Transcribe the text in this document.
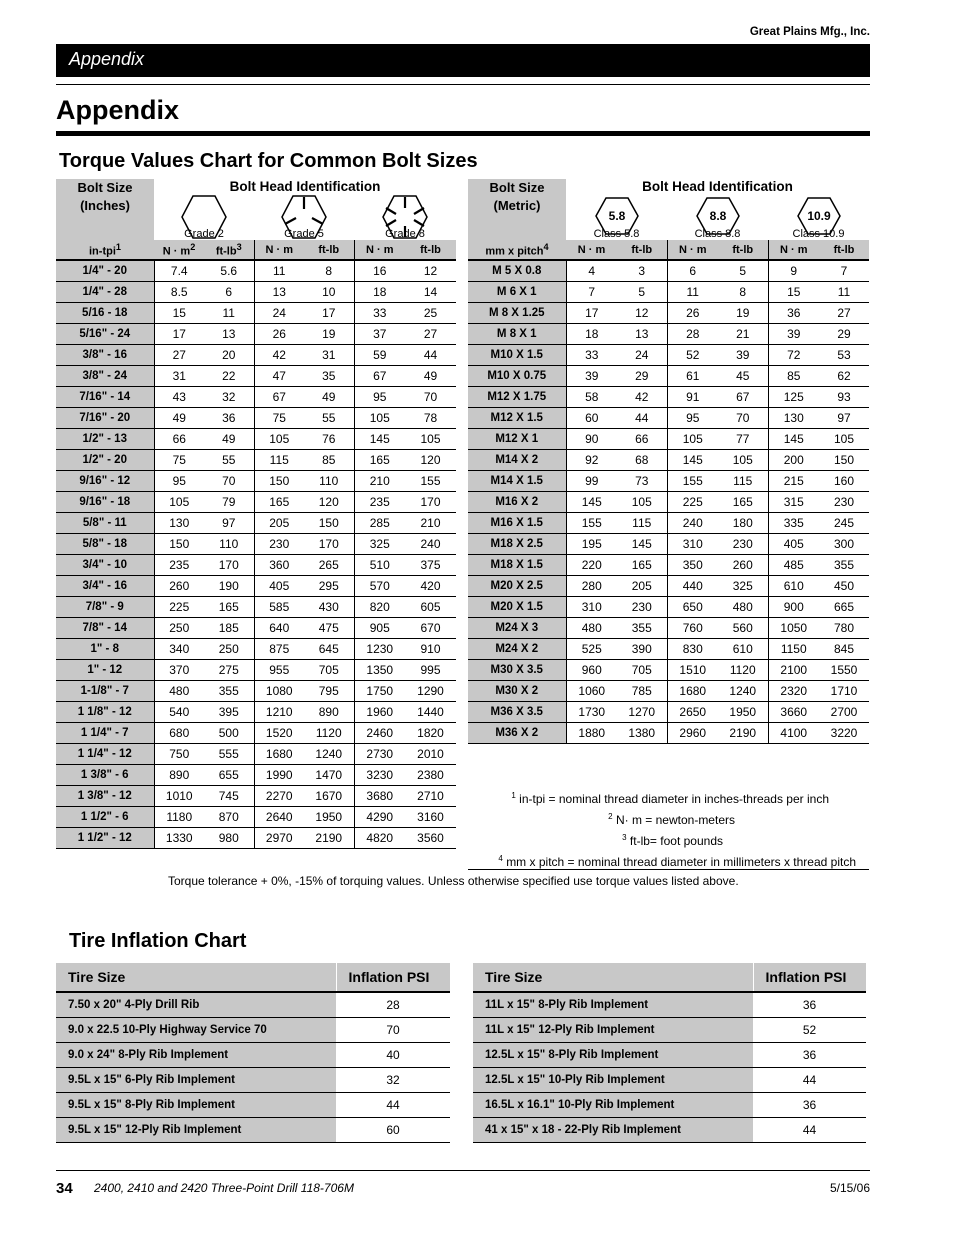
Great Plains Mfg., Inc.
Appendix
Appendix
Torque Values Chart for Common Bolt Sizes
Bolt Size
(Inches)	Bolt Head Identification					

	Grade 2		Grade 5		Grade 8	

in-tpi$^1$	$N \cdot m^2$	$ft-lb^3$	N · m	ft-lb	N · m	ft-lb
1/4" - 20	7.4	5.6	11	8	16	12
1/4" - 28	8.5	6	13	10	18	14
5/16 - 18	15	11	24	17	33	25
5/16" - 24	17	13	26	19	37	27
3/8" - 16	27	20	42	31	59	44
3/8" - 24	31	22	47	35	67	49
7/16" - 14	43	32	67	49	95	70
7/16" - 20	49	36	75	55	105	78
1/2" - 13	66	49	105	76	145	105
1/2" - 20	75	55	115	85	165	120
9/16" - 12	95	70	150	110	210	155
9/16" - 18	105	79	165	120	235	170
5/8" - 11	130	97	205	150	285	210
5/8" - 18	150	110	230	170	325	240
3/4" - 10	235	170	360	265	510	375
3/4" - 16	260	190	405	295	570	420
7/8" - 9	225	165	585	430	820	605
7/8" - 14	250	185	640	475	905	670
1" - 8	340	250	875	645	1230	910
1" - 12	370	275	955	705	1350	995
1-1/8" - 7	480	355	1080	795	1750	1290
1 1/8" - 12	540	395	1210	890	1960	1440
1 1/4" - 7	680	500	1520	1120	2460	1820
1 1/4" - 12	750	555	1680	1240	2730	2010
1 3/8" - 6	890	655	1990	1470	3230	2380
1 3/8" - 12	1010	745	2270	1670	3680	2710
1 1/2" - 6	1180	870	2640	1950	4290	3160
1 1/2" - 12	1330	980	2970	2190	4820	3560
Bolt Size
(Metric)	Bolt Head Identification					

5.8
Class 5.8		8.8
Class 8.8		10.9
Class 10.9	

mm x pitch$^4$	N · m	ft-lb	N · m	ft-lb	N · m	ft-lb
M 5 X 0.8	4	3	6	5	9	7
M 6 X 1	7	5	11	8	15	11
M 8 X 1.25	17	12	26	19	36	27
M 8 X 1	18	13	28	21	39	29
M10 X 1.5	33	24	52	39	72	53
M10 X 0.75	39	29	61	45	85	62
M12 X 1.75	58	42	91	67	125	93
M12 X 1.5	60	44	95	70	130	97
M12 X 1	90	66	105	77	145	105
M14 X 2	92	68	145	105	200	150
M14 X 1.5	99	73	155	115	215	160
M16 X 2	145	105	225	165	315	230
M16 X 1.5	155	115	240	180	335	245
M18 X 2.5	195	145	310	230	405	300
M18 X 1.5	220	165	350	260	485	355
M20 X 2.5	280	205	440	325	610	450
M20 X 1.5	310	230	650	480	900	665
M24 X 3	480	355	760	560	1050	780
M24 X 2	525	390	830	610	1150	845
M30 X 3.5	960	705	1510	1120	2100	1550
M30 X 2	1060	785	1680	1240	2320	1710
M36 X 3.5	1730	1270	2650	1950	3660	2700
M36 X 2	1880	1380	2960	2190	4100	3220
$^1$ in-tpi = nominal thread diameter in inches-threads per inch
$^2$ N· m = newton-meters
$^3$ ft-lb= foot pounds
$^4$ mm x pitch = nominal thread diameter in millimeters x thread pitch
Torque tolerance + 0%, -15% of torquing values. Unless otherwise specified use torque values listed above.
Tire Inflation Chart
Tire Size	Inflation PSI
7.50 x 20" 4-Ply Drill Rib	28
9.0 x 22.5 10-Ply Highway Service 70	70
9.0 x 24" 8-Ply Rib Implement	40
9.5L x 15" 6-Ply Rib Implement	32
9.5L x 15" 8-Ply Rib Implement	44
9.5L x 15" 12-Ply Rib Implement	60
Tire Size	Inflation PSI
11L x 15" 8-Ply Rib Implement	36
11L x 15" 12-Ply Rib Implement	52
12.5L x 15" 8-Ply Rib Implement	36
12.5L x 15" 10-Ply Rib Implement	44
16.5L x 16.1" 10-Ply Rib Implement	36
41 x 15" x 18 - 22-Ply Rib Implement	44
34 2400, 2410 and 2420 Three-Point Drill 118-706M	5/15/06
